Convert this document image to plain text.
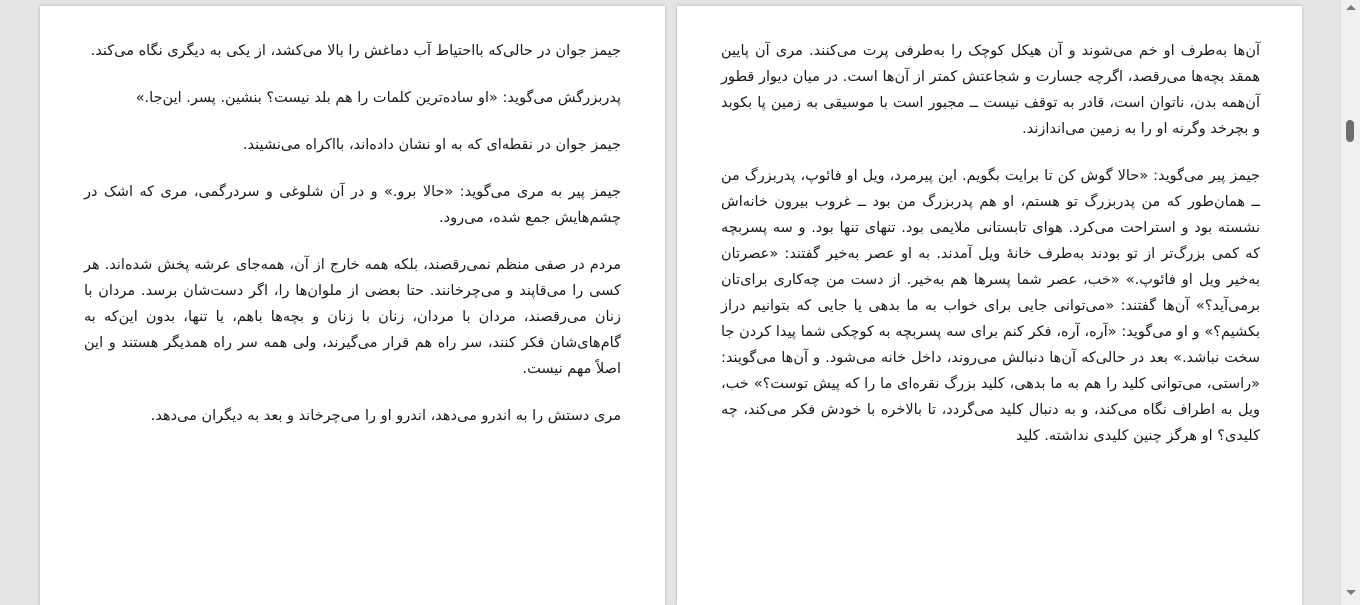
جیمز جوان در حالی‌که بااحتیاط آب دماغش را بالا می‌کشد، از یکی به دیگری نگاه می‌کند.

پدربزرگش می‌گوید: «او ساده‌ترین کلمات را هم بلد نیست؟ بنشین. پسر. این‌جا.»

جیمز جوان در نقطه‌ای که به او نشان داده‌اند، بااکراه می‌نشیند.

جیمز پیر به مری می‌گوید: «حالا برو.» و در آن شلوغی و سردرگمی، مری که اشک در چشم‌هایش جمع شده، می‌رود.

مردم در صفی منظم نمی‌رقصند، بلکه همه خارج از آن، همه‌جای عرشه پخش شده‌اند. هر کسی را می‌قاپند و می‌چرخانند. حتا بعضی از ملوان‌ها را، اگر دست‌شان برسد. مردان با زنان می‌رقصند، مردان با مردان، زنان با زنان و بچه‌ها باهم، یا تنها، بدون این‌که به گام‌های‌شان فکر کنند، سر راه هم قرار می‌گیرند، ولی همه سر راه همدیگر هستند و این اصلاً مهم نیست.

مری دستش را به اندرو می‌دهد، اندرو او را می‌چرخاند و بعد به دیگران می‌دهد.

آن‌ها به‌طرف او خم می‌شوند و آن هیکل کوچک را به‌طرفی پرت می‌کنند. مری آن پایین همقد بچه‌ها می‌رقصد، اگرچه جسارت و شجاعتش کمتر از آن‌ها است. در میان دیوار قطور آن‌همه بدن، ناتوان است، قادر به توقف نیست ــ مجبور است با موسیقی به زمین پا بکوبد و بچرخد وگرنه او را به زمین می‌اندازند.

جیمز پیر می‌گوید: «حالا گوش کن تا برایت بگویم. این پیرمرد، ویل او فائوپ، پدربزرگ من ــ همان‌طور که من پدربزرگ تو هستم، او هم پدربزرگ من بود ــ غروب بیرون خانه‌اش نشسته بود و استراحت می‌کرد. هوای تابستانی ملایمی بود. تنهای تنها بود. و سه پسربچه که کمی بزرگ‌تر از تو بودند به‌طرف خانهٔ ویل آمدند. به او عصر به‌خیر گفتند: «عصرتان به‌خیر ویل او فائوپ.» «خب، عصر شما پسرها هم به‌خیر. از دست من چه‌کاری برای‌تان برمی‌آید؟» آن‌ها گفتند: «می‌توانی جایی برای خواب به ما بدهی یا جایی که بتوانیم دراز بکشیم؟» و او می‌گوید: «آره، آره، فکر کنم برای سه پسربچه به کوچکی شما پیدا کردن جا سخت نباشد.» بعد در حالی‌که آن‌ها دنبالش می‌روند، داخل خانه می‌شود. و آن‌ها می‌گویند: «راستی، می‌توانی کلید را هم به ما بدهی، کلید بزرگ نقره‌ای ما را که پیش توست؟» خب، ویل به اطراف نگاه می‌کند، و به دنبال کلید می‌گردد، تا بالاخره با خودش فکر می‌کند، چه کلیدی؟ او هرگز چنین کلیدی نداشته. کلید
